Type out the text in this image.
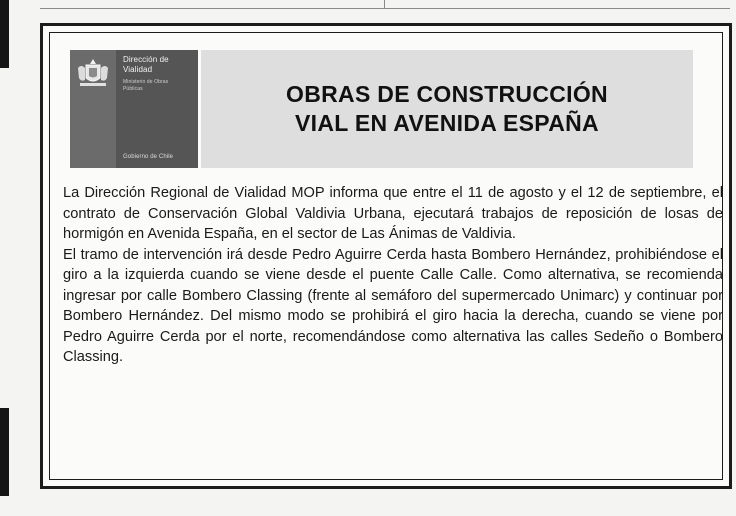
Dirección de
Vialidad
Ministerio de Obras
Públicas
Gobierno de Chile
OBRAS DE CONSTRUCCIÓN
VIAL EN AVENIDA ESPAÑA

La Dirección Regional de Vialidad MOP informa que entre el 11 de agosto y el 12 de septiembre, el contrato de Conservación Global Valdivia Urbana, ejecutará trabajos de reposición de losas de hormigón en Avenida España, en el sector de Las Ánimas de Valdivia.

El tramo de intervención irá desde Pedro Aguirre Cerda hasta Bombero Hernández, prohibiéndose el giro a la izquierda cuando se viene desde el puente Calle Calle. Como alternativa, se recomienda ingresar por calle Bombero Classing (frente al semáforo del supermercado Unimarc) y continuar por Bombero Hernández. Del mismo modo se prohibirá el giro hacia la derecha, cuando se viene por Pedro Aguirre Cerda por el norte, recomendándose como alternativa las calles Sedeño o Bombero Classing.
